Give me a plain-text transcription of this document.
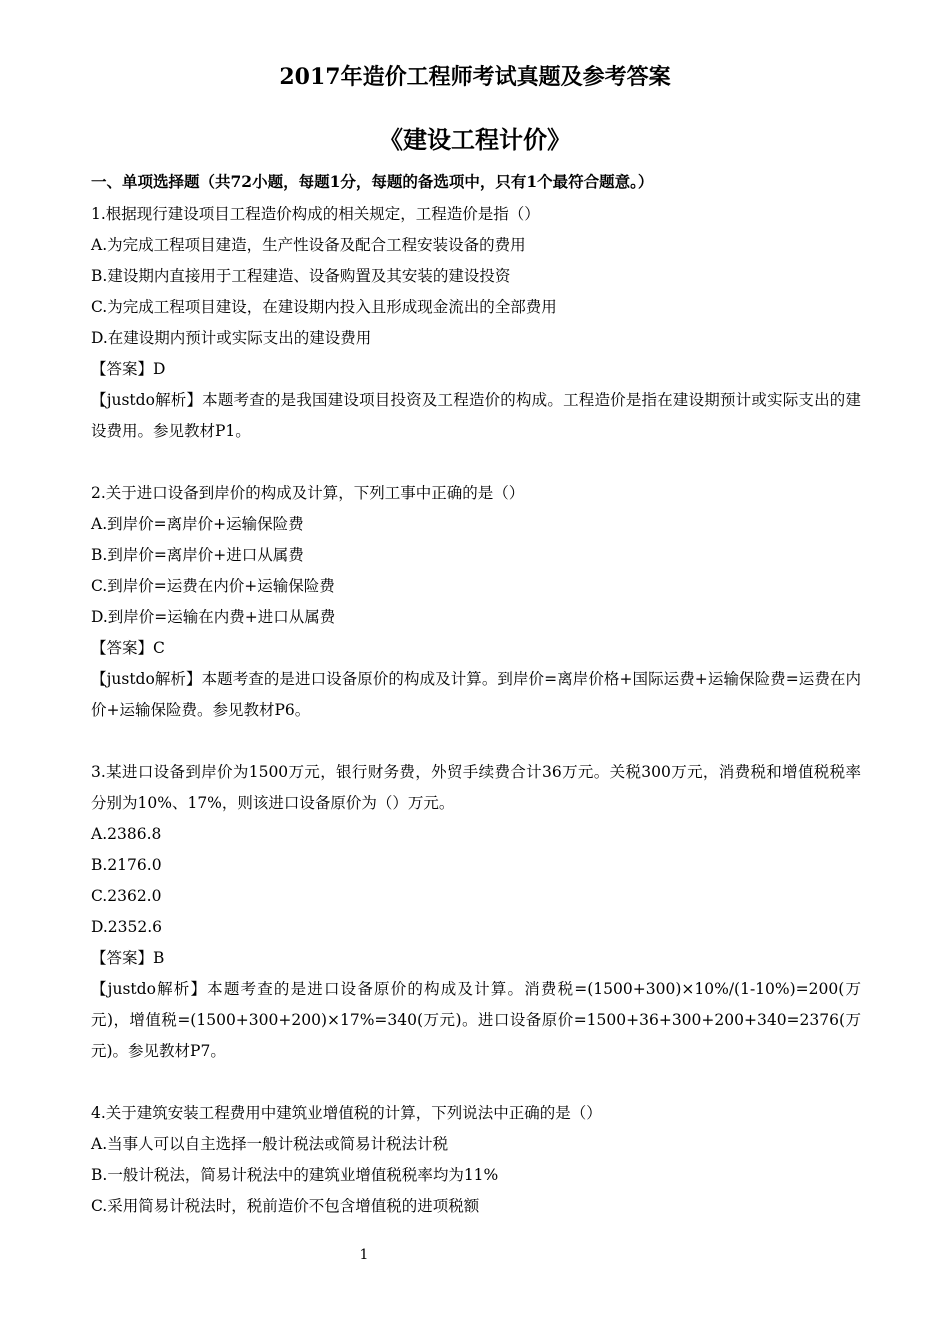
2017年造价工程师考试真题及参考答案
《建设工程计价》
一、单项选择题（共72小题，每题1分，每题的备选项中，只有1个最符合题意。）
1.根据现行建设项目工程造价构成的相关规定，工程造价是指（）
A.为完成工程项目建造，生产性设备及配合工程安装设备的费用
B.建设期内直接用于工程建造、设备购置及其安装的建设投资
C.为完成工程项目建设，在建设期内投入且形成现金流出的全部费用
D.在建设期内预计或实际支出的建设费用
【答案】D
【justdo解析】本题考查的是我国建设项目投资及工程造价的构成。工程造价是指在建设期预计或实际支出的建设费用。参见教材P1。
2.关于进口设备到岸价的构成及计算，下列工事中正确的是（）
A.到岸价=离岸价+运输保险费
B.到岸价=离岸价+进口从属费
C.到岸价=运费在内价+运输保险费
D.到岸价=运输在内费+进口从属费
【答案】C
【justdo解析】本题考查的是进口设备原价的构成及计算。到岸价=离岸价格+国际运费+运输保险费=运费在内价+运输保险费。参见教材P6。
3.某进口设备到岸价为1500万元，银行财务费，外贸手续费合计36万元。关税300万元，消费税和增值税税率分别为10%、17%，则该进口设备原价为（）万元。
A.2386.8
B.2176.0
C.2362.0
D.2352.6
【答案】B
【justdo解析】本题考查的是进口设备原价的构成及计算。消费税=(1500+300)×10%/(1-10%)=200(万元)，增值税=(1500+300+200)×17%=340(万元)。进口设备原价=1500+36+300+200+340=2376(万元)。参见教材P7。
4.关于建筑安装工程费用中建筑业增值税的计算，下列说法中正确的是（）
A.当事人可以自主选择一般计税法或简易计税法计税
B.一般计税法，简易计税法中的建筑业增值税税率均为11%
C.采用简易计税法时，税前造价不包含增值税的进项税额
1
